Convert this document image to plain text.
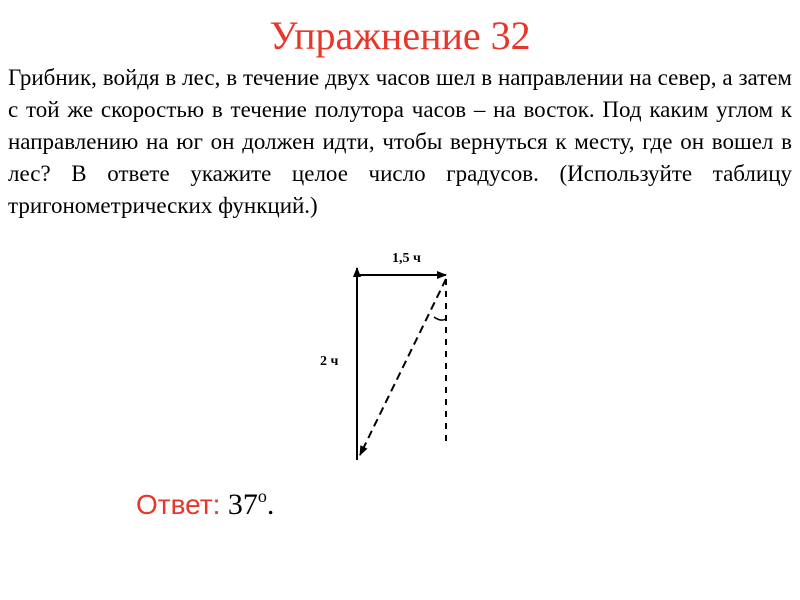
Упражнение 32

Грибник, войдя в лес, в течение двух часов шел в направлении на север, а затем с той же скоростью в течение полутора часов – на восток. Под каким углом к направлению на юг он должен идти, чтобы вернуться к месту, где он вошел в лес? В ответе укажите целое число градусов. (Используйте таблицу тригонометрических функций.)

1,5 ч
2 ч
Ответ: 37$^o$.
